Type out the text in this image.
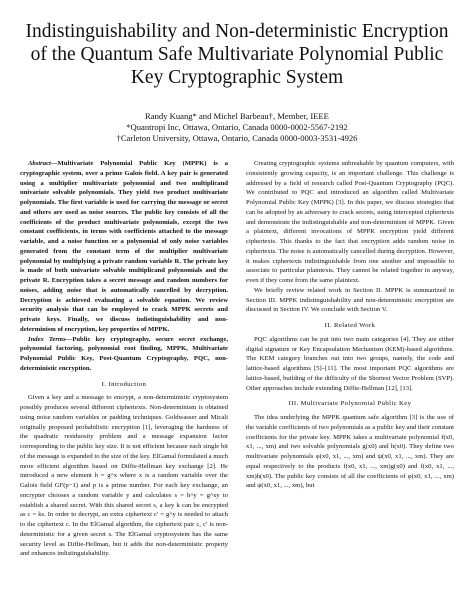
Indistinguishability and Non-deterministic Encryption of the Quantum Safe Multivariate Polynomial Public Key Cryptographic System
Randy Kuang* and Michel Barbeau†, Member, IEEE
*Quantropi Inc, Ottawa, Ontario, Canada 0000-0002-5567-2192
†Carleton University, Ottawa, Ontario, Canada 0000-0003-3531-4926

Abstract—Multivariate Polynomial Public Key (MPPK) is a cryptographic system, over a prime Galois field. A key pair is generated using a multiplier multivariate polynomial and two multiplicand univariate solvable polynomials. They yield two product multivariate polynomials. The first variable is used for carrying the message or secret and others are used as noise sources. The public key consists of all the coefficients of the product multivariate polynomials, except the two constant coefficients, in terms with coefficients attached to the message variable, and a noise function or a polynomial of only noise variables generated from the constant term of the multiplier multivariate polynomial by multiplying a private random variable R. The private key is made of both univariate solvable multiplicand polynomials and the private R. Encryption takes a secret message and random numbers for noises, adding noise that is automatically cancelled by decryption. Decryption is achieved evaluating a solvable equation. We review security analysis that can be employed to crack MPPK secrets and private keys. Finally, we discuss indistinguishability and non-determinism of encryption, key properties of MPPK.

Index Terms—Public key cryptography, secure secret exchange, polynomial factoring, polynomial root finding, MPPK, Multivariate Polynomial Public Key, Post-Quantum Cryptography, PQC, non-deterministic encryption.

I. Introduction

Given a key and a message to encrypt, a non-deterministic cryptosystem possibly produces several different ciphertexts. Non-determinism is obtained using noise random variables or padding techniques. Goldwasser and Micali originally proposed probabilistic encryption [1], leveraging the hardness of the quadratic residuosity problem and a message expansion factor corresponding to the public key size. It is not efficient because each single bit of the message is expanded to the size of the key. ElGamal formulated a much more efficient algorithm based on Diffie-Hellman key exchange [2]. He introduced a new element h = g^x where x is a random variable over the Galois field GF(p−1) and p is a prime number. For each key exchange, an encrypter chooses a random variable y and calculates s = h^y = g^xy to establish a shared secret. With this shared secret s, a key k can be encrypted as c = ks. In order to decrypt, an extra ciphertext c′ = g^y is needed to attach to the ciphertext c. In the ElGamal algorithm, the ciphertext pair c, c′ is non-deterministic for a given secret s. The ElGamal cryptosystem has the same security level as Diffie-Hellman, but it adds the non-deterministic property and enhances indistinguishability.

Creating cryptographic systems unbreakable by quantum computers, with consistently growing capacity, is an important challenge. This challenge is addressed by a field of research called Post-Quantum Cryptography (PQC). We contributed to PQC and introduced an algorithm called Multivariate Polynomial Public Key (MPPK) [3]. In this paper, we discuss strategies that can be adopted by an adversary to crack secrets, using intercepted ciphertexts and demonstrate the indistinguishable and non-determinism of MPPK. Given a plaintext, different invocations of MPPK encryption yield different ciphertexts. This thanks to the fact that encryption adds random noise in ciphertexts. The noise is automatically cancelled during decryption. However, it makes ciphertexts indistinguishable from one another and impossible to associate to particular plaintexts. They cannot be related together in anyway, even if they come from the same plaintext.

We briefly review related work in Section II. MPPK is summarized in Section III. MPPK indistinguishability and non-deterministic encryption are discussed in Section IV. We conclude with Section V.

II. Related Work

PQC algorithms can be put into two main categories [4]. They are either digital signature or Key Encapsulation Mechanism (KEM)-based algorithms. The KEM category branches out into two groups, namely, the code and lattice-based algorithms [5]–[11]. The most important PQC algorithms are lattice-based, building of the difficulty of the Shortest Vector Problem (SVP). Other approaches include extending Diffie-Hellman [12], [13].

III. Multivariate Polynomial Public Key

The idea underlying the MPPK quantum safe algorithm [3] is the use of the variable coefficients of two polynomials as a public key and their constant coefficients for the private key. MPPK takes a multivariate polynomial f(x0, x1, ..., xm) and two solvable polynomials g(x0) and h(x0). They define two multivariate polynomials φ(x0, x1, ..., xm) and ψ(x0, x1, ..., xm). They are equal respectively to the products f(x0, x1, ..., xm)g(x0) and f(x0, x1, ..., xm)h(x0). The public key consists of all the coefficients of φ(x0, x1, ..., xm) and ψ(x0, x1, ..., xm), but
